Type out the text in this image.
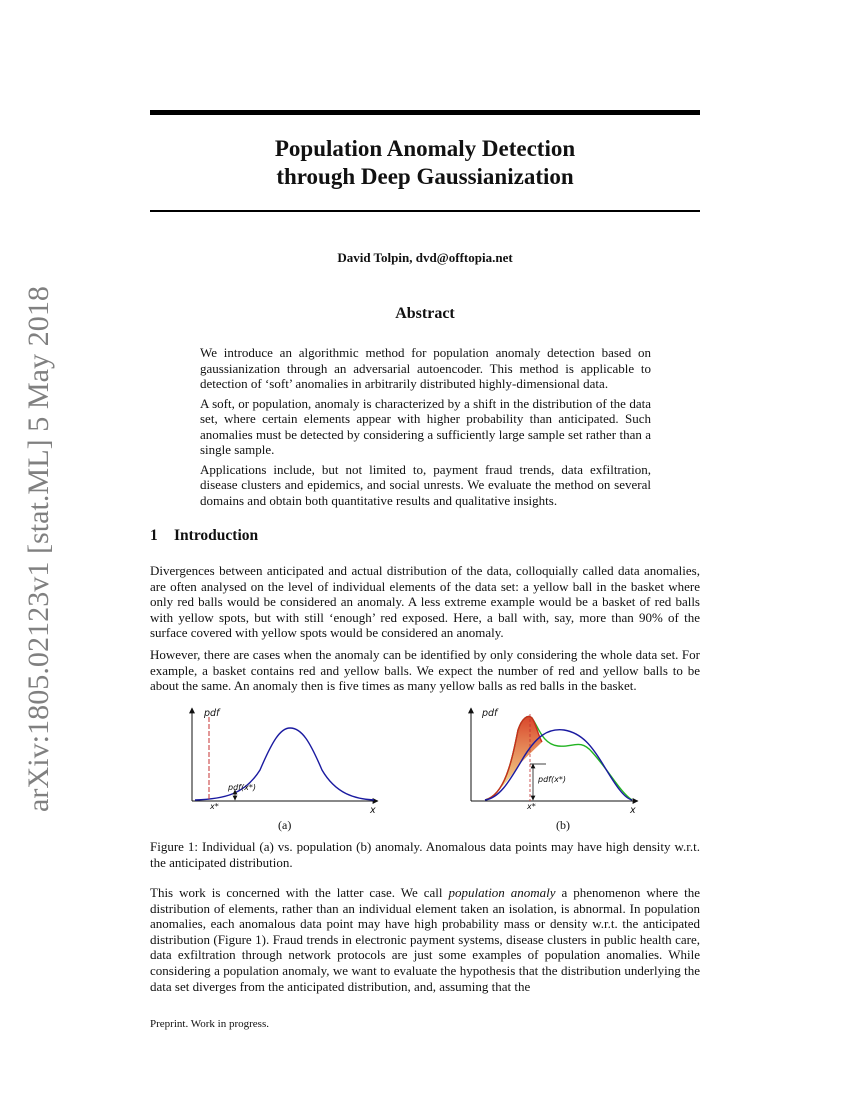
arXiv:1805.02123v1 [stat.ML] 5 May 2018
Population Anomaly Detection
through Deep Gaussianization

David Tolpin, dvd@offtopia.net

Abstract

We introduce an algorithmic method for population anomaly detection based on gaussianization through an adversarial autoencoder. This method is applicable to detection of ‘soft’ anomalies in arbitrarily distributed highly-dimensional data.

A soft, or population, anomaly is characterized by a shift in the distribution of the data set, where certain elements appear with higher probability than anticipated. Such anomalies must be detected by considering a sufficiently large sample set rather than a single sample.

Applications include, but not limited to, payment fraud trends, data exfiltration, disease clusters and epidemics, and social unrests. We evaluate the method on several domains and obtain both quantitative results and qualitative insights.

1 Introduction

Divergences between anticipated and actual distribution of the data, colloquially called data anomalies, are often analysed on the level of individual elements of the data set: a yellow ball in the basket where only red balls would be considered an anomaly. A less extreme example would be a basket of red balls with yellow spots, but with still ‘enough’ red exposed. Here, a ball with, say, more than 90% of the surface covered with yellow spots would be considered an anomaly.

However, there are cases when the anomaly can be identified by only considering the whole data set. For example, a basket contains red and yellow balls. We expect the number of red and yellow balls to be about the same. An anomaly then is five times as many yellow balls as red balls in the basket.

pdf
x
pdf(x*)
x*
(a)
pdf
x
pdf(x*)
x*
(b)

Figure 1: Individual (a) vs. population (b) anomaly. Anomalous data points may have high density w.r.t. the anticipated distribution.

This work is concerned with the latter case. We call population anomaly a phenomenon where the distribution of elements, rather than an individual element taken an isolation, is abnormal. In population anomalies, each anomalous data point may have high probability mass or density w.r.t. the anticipated distribution (Figure 1). Fraud trends in electronic payment systems, disease clusters in public health care, data exfiltration through network protocols are just some examples of population anomalies. While considering a population anomaly, we want to evaluate the hypothesis that the distribution underlying the data set diverges from the anticipated distribution, and, assuming that the

Preprint. Work in progress.
